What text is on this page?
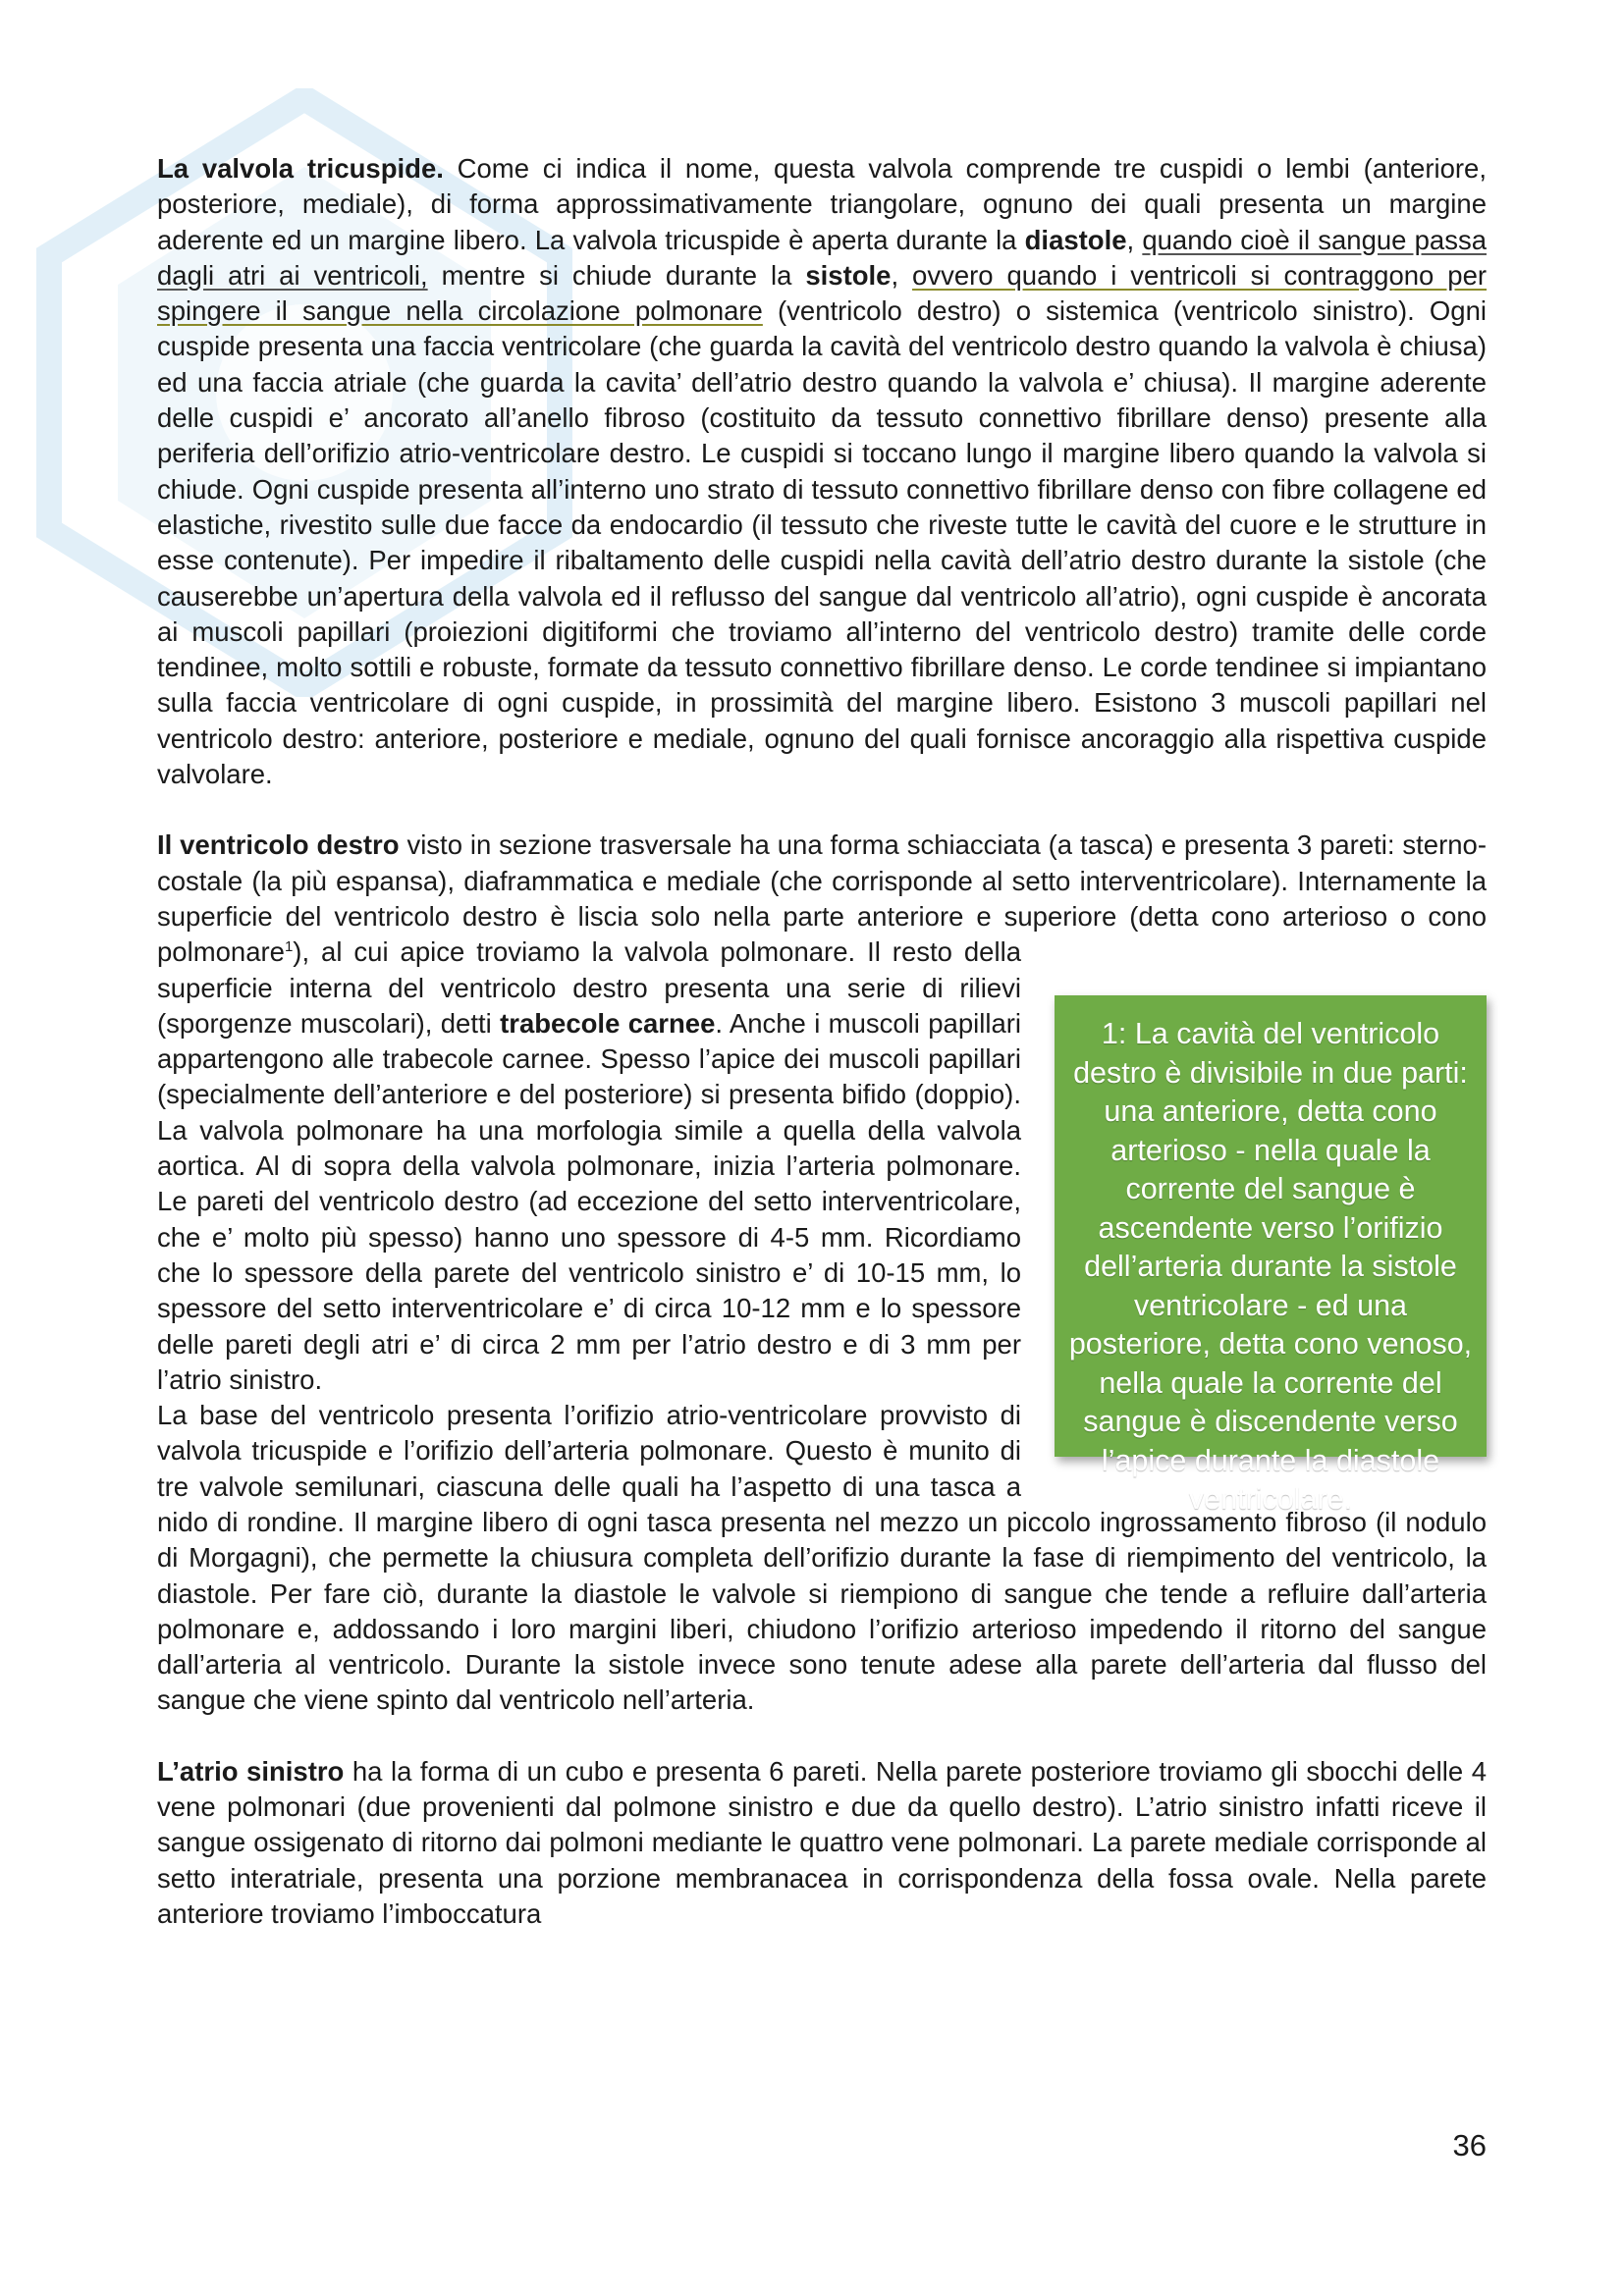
La valvola tricuspide. Come ci indica il nome, questa valvola comprende tre cuspidi o lembi (anteriore, posteriore, mediale), di forma approssimativamente triangolare, ognuno dei quali presenta un margine aderente ed un margine libero. La valvola tricuspide è aperta durante la diastole, quando cioè il sangue passa dagli atri ai ventricoli, mentre si chiude durante la sistole, ovvero quando i ventricoli si contraggono per spingere il sangue nella circolazione polmonare (ventricolo destro) o sistemica (ventricolo sinistro). Ogni cuspide presenta una faccia ventricolare (che guarda la cavità del ventricolo destro quando la valvola è chiusa) ed una faccia atriale (che guarda la cavita’ dell’atrio destro quando la valvola e’ chiusa). Il margine aderente delle cuspidi e’ ancorato all’anello fibroso (costituito da tessuto connettivo fibrillare denso) presente alla periferia dell’orifizio atrio-ventricolare destro. Le cuspidi si toccano lungo il margine libero quando la valvola si chiude. Ogni cuspide presenta all’interno uno strato di tessuto connettivo fibrillare denso con fibre collagene ed elastiche, rivestito sulle due facce da endocardio (il tessuto che riveste tutte le cavità del cuore e le strutture in esse contenute). Per impedire il ribaltamento delle cuspidi nella cavità dell’atrio destro durante la sistole (che causerebbe un’apertura della valvola ed il reflusso del sangue dal ventricolo all’atrio), ogni cuspide è ancorata ai muscoli papillari (proiezioni digitiformi che troviamo all’interno del ventricolo destro) tramite delle corde tendinee, molto sottili e robuste, formate da tessuto connettivo fibrillare denso. Le corde tendinee si impiantano sulla faccia ventricolare di ogni cuspide, in prossimità del margine libero. Esistono 3 muscoli papillari nel ventricolo destro: anteriore, posteriore e mediale, ognuno del quali fornisce ancoraggio alla rispettiva cuspide valvolare.

Il ventricolo destro visto in sezione trasversale ha una forma schiacciata (a tasca) e presenta 3 pareti: sterno-costale (la più espansa), diaframmatica e mediale (che corrisponde al setto interventricolare). Internamente la superficie del ventricolo destro è liscia solo nella parte anteriore e superiore (detta cono arterioso o cono polmonare
1: La cavità del ventricolo destro è divisibile in due parti: una anteriore, detta cono arterioso - nella quale la corrente del sangue è ascendente verso l’orifizio dell’arteria durante la sistole ventricolare - ed una posteriore, detta cono venoso, nella quale la corrente del sangue è discendente verso l’apice durante la diastole ventricolare.
$^1$), al cui apice troviamo la valvola polmonare. Il resto della superficie interna del ventricolo destro presenta una serie di rilievi (sporgenze muscolari), detti trabecole carnee. Anche i muscoli papillari appartengono alle trabecole carnee. Spesso l’apice dei muscoli papillari (specialmente dell’anteriore e del posteriore) si presenta bifido (doppio). La valvola polmonare ha una morfologia simile a quella della valvola aortica. Al di sopra della valvola polmonare, inizia l’arteria polmonare. Le pareti del ventricolo destro (ad eccezione del setto interventricolare, che e’ molto più spesso) hanno uno spessore di 4-5 mm. Ricordiamo che lo spessore della parete del ventricolo sinistro e’ di 10-15 mm, lo spessore del setto interventricolare e’ di circa 10-12 mm e lo spessore delle pareti degli atri e’ di circa 2 mm per l’atrio destro e di 3 mm per l’atrio sinistro.

La base del ventricolo presenta l’orifizio atrio-ventricolare provvisto di valvola tricuspide e l’orifizio dell’arteria polmonare. Questo è munito di tre valvole semilunari, ciascuna delle quali ha l’aspetto di una tasca a nido di rondine. Il margine libero di ogni tasca presenta nel mezzo un piccolo ingrossamento fibroso (il nodulo di Morgagni), che permette la chiusura completa dell’orifizio durante la fase di riempimento del ventricolo, la diastole. Per fare ciò, durante la diastole le valvole si riempiono di sangue che tende a refluire dall’arteria polmonare e, addossando i loro margini liberi, chiudono l’orifizio arterioso impedendo il ritorno del sangue dall’arteria al ventricolo. Durante la sistole invece sono tenute adese alla parete dell’arteria dal flusso del sangue che viene spinto dal ventricolo nell’arteria.

L’atrio sinistro ha la forma di un cubo e presenta 6 pareti. Nella parete posteriore troviamo gli sbocchi delle 4 vene polmonari (due provenienti dal polmone sinistro e due da quello destro). L’atrio sinistro infatti riceve il sangue ossigenato di ritorno dai polmoni mediante le quattro vene polmonari. La parete mediale corrisponde al setto interatriale, presenta una porzione membranacea in corrispondenza della fossa ovale. Nella parete anteriore troviamo l’imboccatura

36
